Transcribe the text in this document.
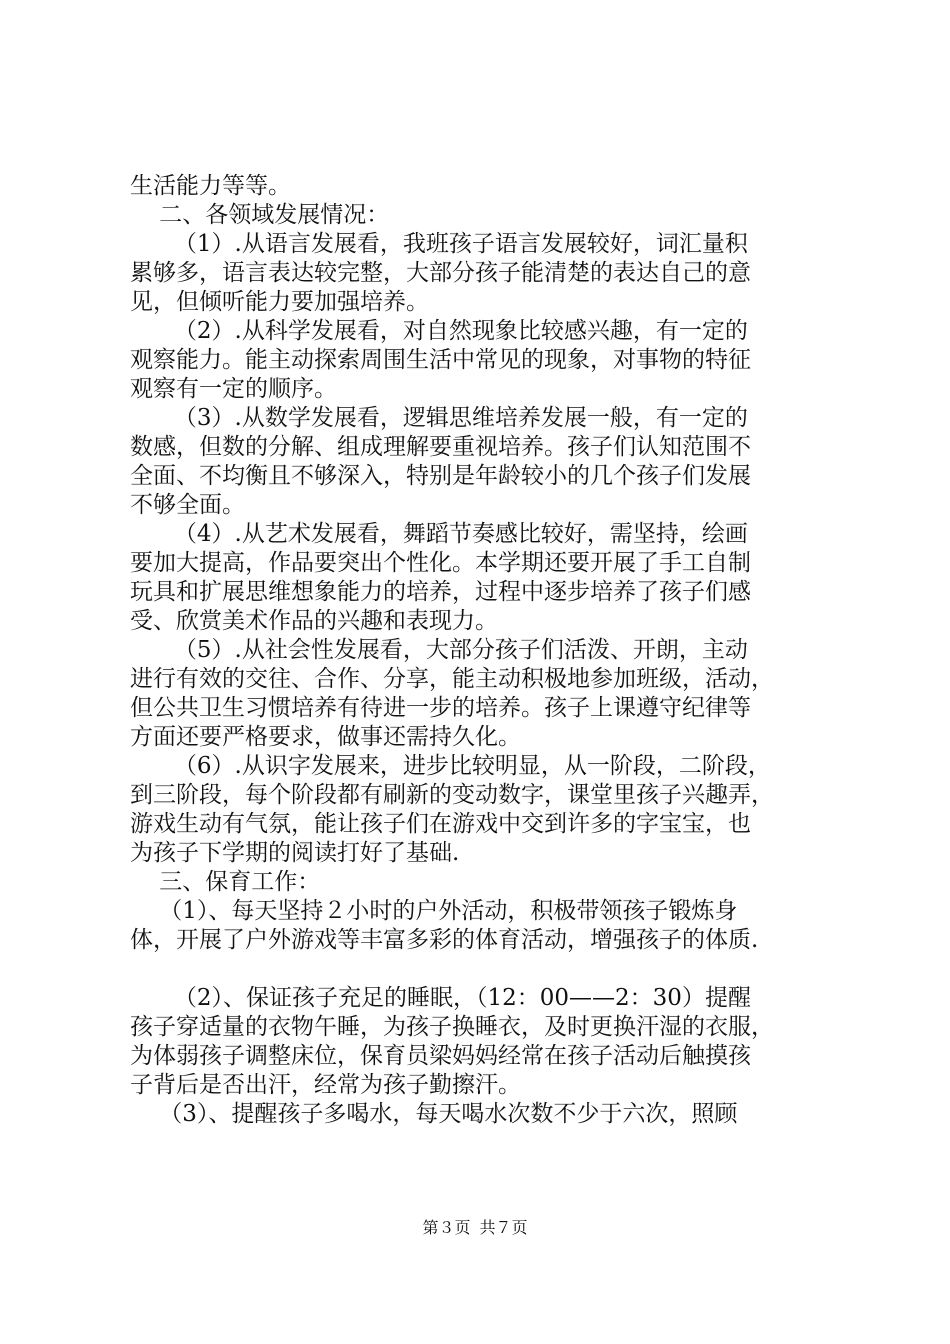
生活能力等等。

二、各领域发展情况：

（1）.从语言发展看，我班孩子语言发展较好，词汇量积

累够多，语言表达较完整，大部分孩子能清楚的表达自己的意

见，但倾听能力要加强培养。

（2）.从科学发展看，对自然现象比较感兴趣，有一定的

观察能力。能主动探索周围生活中常见的现象，对事物的特征

观察有一定的顺序。

（3）.从数学发展看，逻辑思维培养发展一般，有一定的

数感，但数的分解、组成理解要重视培养。孩子们认知范围不

全面、不均衡且不够深入，特别是年龄较小的几个孩子们发展

不够全面。

（4）.从艺术发展看，舞蹈节奏感比较好，需坚持，绘画

要加大提高，作品要突出个性化。本学期还要开展了手工自制

玩具和扩展思维想象能力的培养，过程中逐步培养了孩子们感

受、欣赏美术作品的兴趣和表现力。

（5）.从社会性发展看，大部分孩子们活泼、开朗，主动

进行有效的交往、合作、分享，能主动积极地参加班级，活动，

但公共卫生习惯培养有待进一步的培养。孩子上课遵守纪律等

方面还要严格要求，做事还需持久化。

（6）.从识字发展来，进步比较明显，从一阶段，二阶段，

到三阶段，每个阶段都有刷新的变动数字，课堂里孩子兴趣弄，

游戏生动有气氛，能让孩子们在游戏中交到许多的字宝宝，也

为孩子下学期的阅读打好了基础.

三、保育工作：

（1）、每天坚持２小时的户外活动，积极带领孩子锻炼身

体，开展了户外游戏等丰富多彩的体育活动，增强孩子的体质.

（2）、保证孩子充足的睡眠，（12：00——2：30）提醒

孩子穿适量的衣物午睡，为孩子换睡衣，及时更换汗湿的衣服，

为体弱孩子调整床位，保育员梁妈妈经常在孩子活动后触摸孩

子背后是否出汗，经常为孩子勤擦汗。

（3）、提醒孩子多喝水，每天喝水次数不少于六次，照顾

第３页 共７页
